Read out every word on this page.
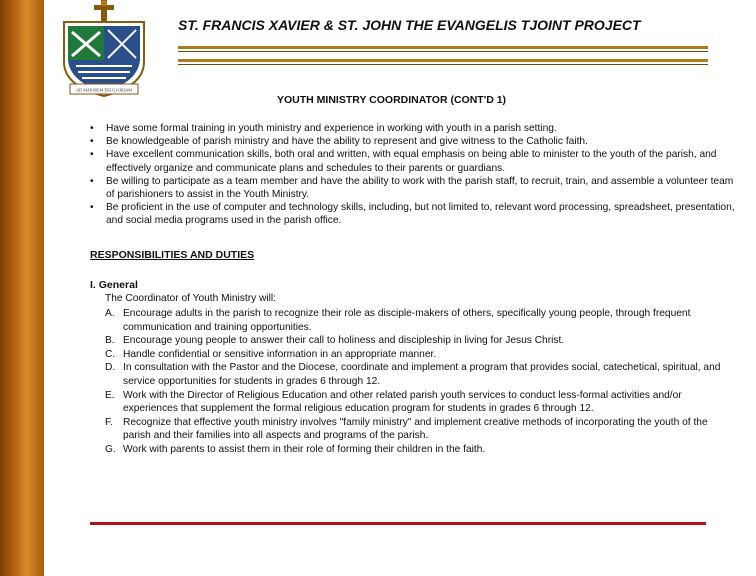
AD MAIOREM DEI GLORIAM
ST. FRANCIS XAVIER & ST. JOHN THE EVANGELIS TJOINT PROJECT
YOUTH MINISTRY COORDINATOR (CONT'D 1)
• Have some formal training in youth ministry and experience in working with youth in a parish setting.
• Be knowledgeable of parish ministry and have the ability to represent and give witness to the Catholic faith.
• Have excellent communication skills, both oral and written, with equal emphasis on being able to minister to the youth of the parish, and effectively organize and communicate plans and schedules to their parents or guardians.
• Be willing to participate as a team member and have the ability to work with the parish staff, to recruit, train, and assemble a volunteer team of parishioners to assist in the Youth Ministry.
• Be proficient in the use of computer and technology skills, including, but not limited to, relevant word processing, spreadsheet, presentation, and social media programs used in the parish office.
RESPONSIBILITIES AND DUTIES
I. General
The Coordinator of Youth Ministry will:
A. Encourage adults in the parish to recognize their role as disciple-makers of others, specifically young people, through frequent communication and training opportunities.
B. Encourage young people to answer their call to holiness and discipleship in living for Jesus Christ.
C. Handle confidential or sensitive information in an appropriate manner.
D. In consultation with the Pastor and the Diocese, coordinate and implement a program that provides social, catechetical, spiritual, and service opportunities for students in grades 6 through 12.
E. Work with the Director of Religious Education and other related parish youth services to conduct less-formal activities and/or experiences that supplement the formal religious education program for students in grades 6 through 12.
F. Recognize that effective youth ministry involves "family ministry" and implement creative methods of incorporating the youth of the parish and their families into all aspects and programs of the parish.
G. Work with parents to assist them in their role of forming their children in the faith.
